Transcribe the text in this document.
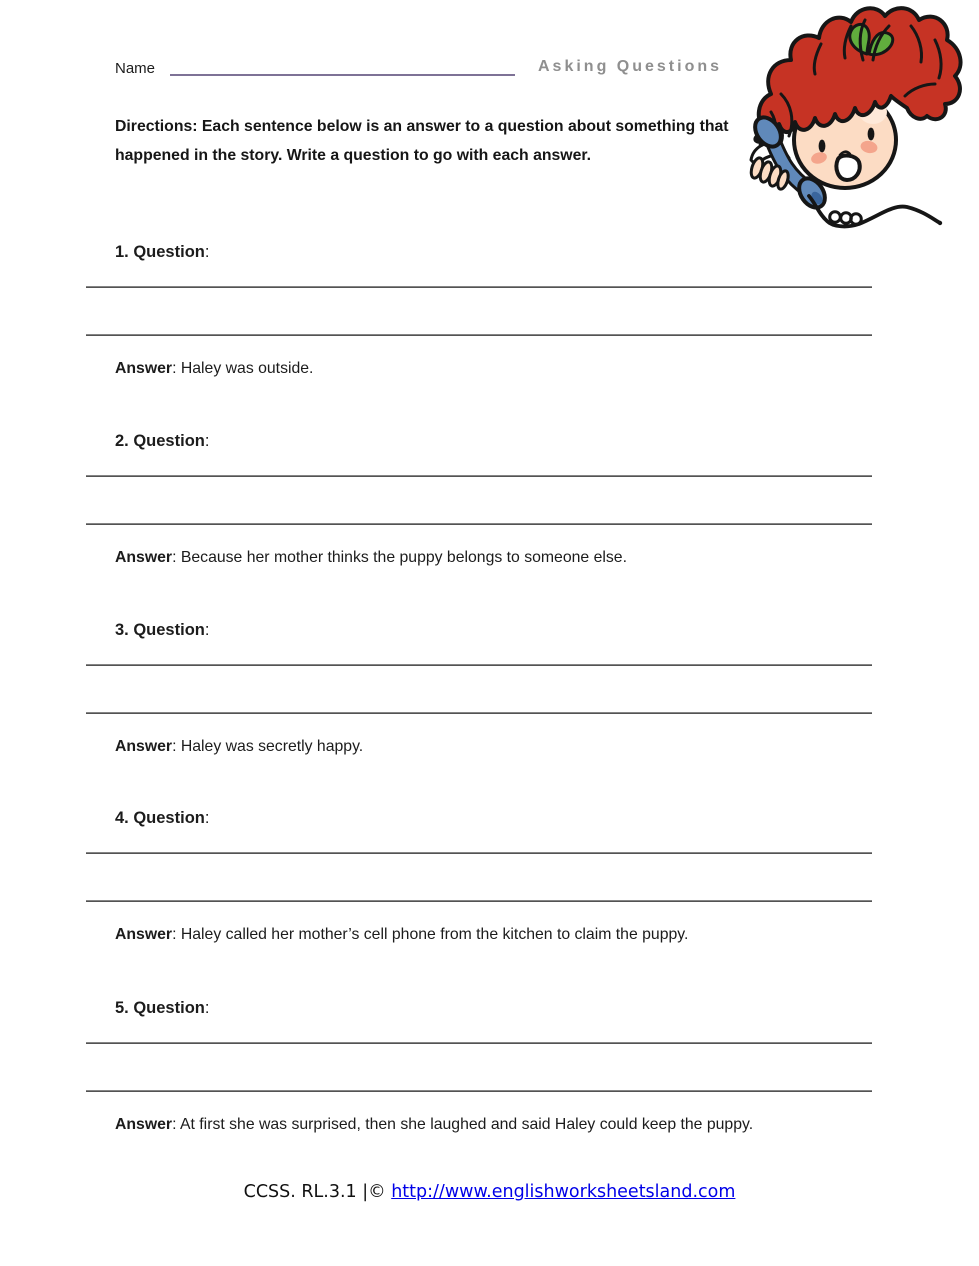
Name	Asking Questions
Directions: Each sentence below is an answer to a question about something that happened in the story. Write a question to go with each answer.
1. Question:
Answer: Haley was outside.
2. Question:
Answer: Because her mother thinks the puppy belongs to someone else.
3. Question:
Answer: Haley was secretly happy.
4. Question:
Answer: Haley called her mother’s cell phone from the kitchen to claim the puppy.
5. Question:
Answer: At first she was surprised, then she laughed and said Haley could keep the puppy.
CCSS. RL.3.1 |© http://www.englishworksheetsland.com
